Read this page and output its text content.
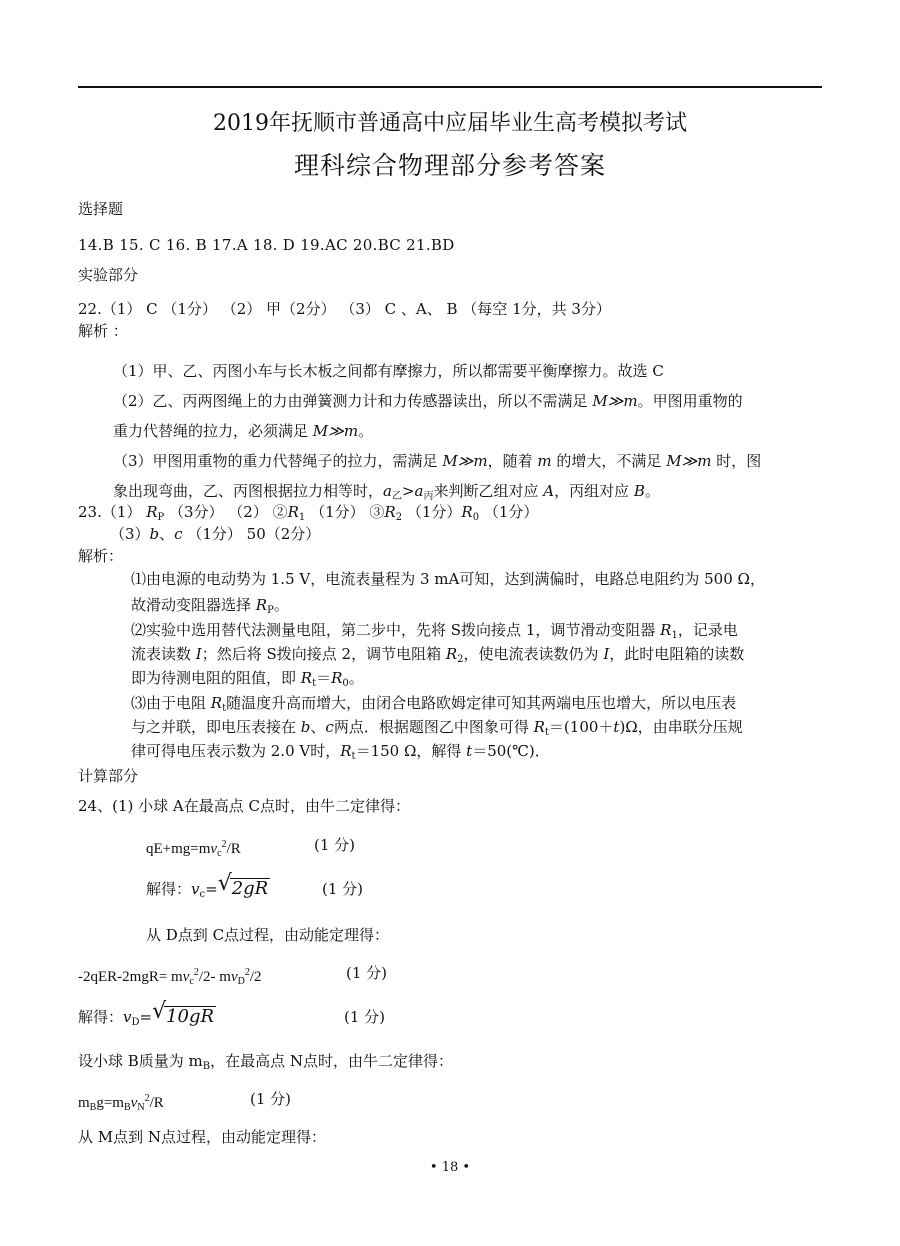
2019年抚顺市普通高中应届毕业生高考模拟考试
理科综合物理部分参考答案
选择题
14.B 15. C 16. B 17.A 18. D 19.AC 20.BC 21.BD
实验部分
22.（1） C （1分） （2） 甲（2分） （3） C 、A、 B （每空 1分，共 3分）
解析 ：
（1）甲、乙、丙图小车与长木板之间都有摩擦力，所以都需要平衡摩擦力。故选 C
（2）乙、丙两图绳上的力由弹簧测力计和力传感器读出，所以不需满足 M≫m。甲图用重物的
重力代替绳的拉力，必须满足 M≫m。
（3）甲图用重物的重力代替绳子的拉力，需满足 M≫m，随着 m 的增大，不满足 M≫m 时，图
象出现弯曲，乙、丙图根据拉力相等时，$a_乙>a_丙$来判断乙组对应 A，丙组对应 B。
23.（1） $R_P$ （3分） （2） $②R_1$ （1分） $③R_2$ （1分）$R_0$ （1分）
（3）b、c （1分） 50（2分）
解析：
⑴由电源的电动势为 1.5 V，电流表量程为 3 mA可知，达到满偏时，电路总电阻约为 500 Ω，
故滑动变阻器选择 $R_P$。
⑵实验中选用替代法测量电阻，第二步中，先将 S拨向接点 1，调节滑动变阻器 $R_1$，记录电
流表读数 I；然后将 S拨向接点 2，调节电阻箱 $R_2$，使电流表读数仍为 I，此时电阻箱的读数
即为待测电阻的阻值，即 $R_t=R_0$。
⑶由于电阻 $R_t$随温度升高而增大，由闭合电路欧姆定律可知其两端电压也增大，所以电压表
与之并联，即电压表接在 b、c两点．根据题图乙中图象可得 $R_t=(100+t)\Omega$，由串联分压规
律可得电压表示数为 2.0 V时，$R_t=150$ Ω，解得 t＝50(℃)．
计算部分
24、(1) 小球 A在最高点 C点时，由牛二定律得：
$qE+mg=mv_c^2/R$	(1 分)
解得：$v_c=√$ 2gR	(1 分)
从 D点到 C点过程，由动能定理得：
$-2qER-2mgR= mv_c^2/2-$ $mv_D^2/2$	(1 分)
解得：$v_D=√$ 10gR	(1 分)
设小球 B质量为 $m_B$，在最高点 N点时，由牛二定律得：
$m_Bg=m_Bv_N^2/R$	(1 分)
从 M点到 N点过程，由动能定理得：
• 18 •
